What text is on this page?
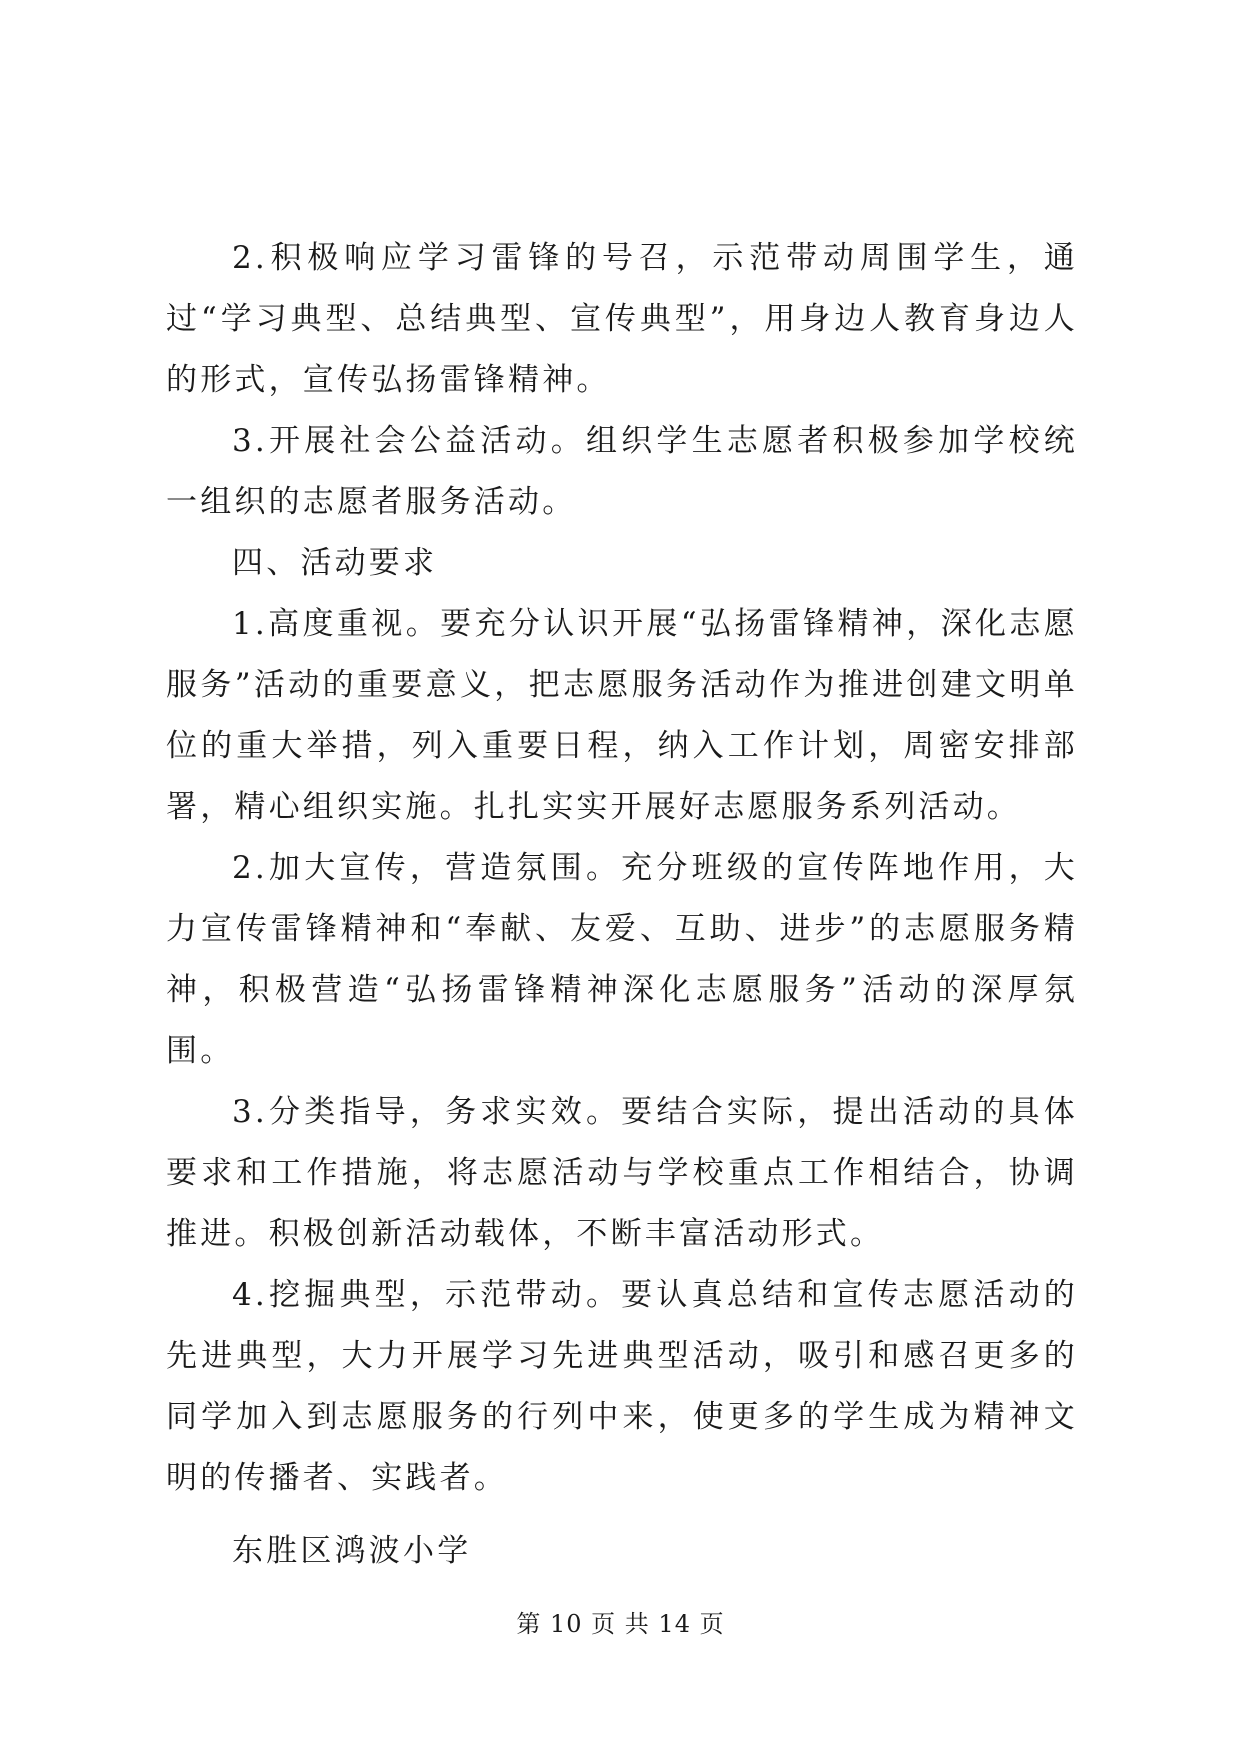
2.积极响应学习雷锋的号召，示范带动周围学生，通过“学习典型、总结典型、宣传典型”，用身边人教育身边人的形式，宣传弘扬雷锋精神。

3.开展社会公益活动。组织学生志愿者积极参加学校统一组织的志愿者服务活动。

四、活动要求

1.高度重视。要充分认识开展“弘扬雷锋精神，深化志愿服务”活动的重要意义，把志愿服务活动作为推进创建文明单位的重大举措，列入重要日程，纳入工作计划，周密安排部署，精心组织实施。扎扎实实开展好志愿服务系列活动。

2.加大宣传，营造氛围。充分班级的宣传阵地作用，大力宣传雷锋精神和“奉献、友爱、互助、进步”的志愿服务精神，积极营造“弘扬雷锋精神深化志愿服务”活动的深厚氛围。

3.分类指导，务求实效。要结合实际，提出活动的具体要求和工作措施，将志愿活动与学校重点工作相结合，协调推进。积极创新活动载体，不断丰富活动形式。

4.挖掘典型，示范带动。要认真总结和宣传志愿活动的先进典型，大力开展学习先进典型活动，吸引和感召更多的同学加入到志愿服务的行列中来，使更多的学生成为精神文明的传播者、实践者。

东胜区鸿波小学

第 10 页 共 14 页
